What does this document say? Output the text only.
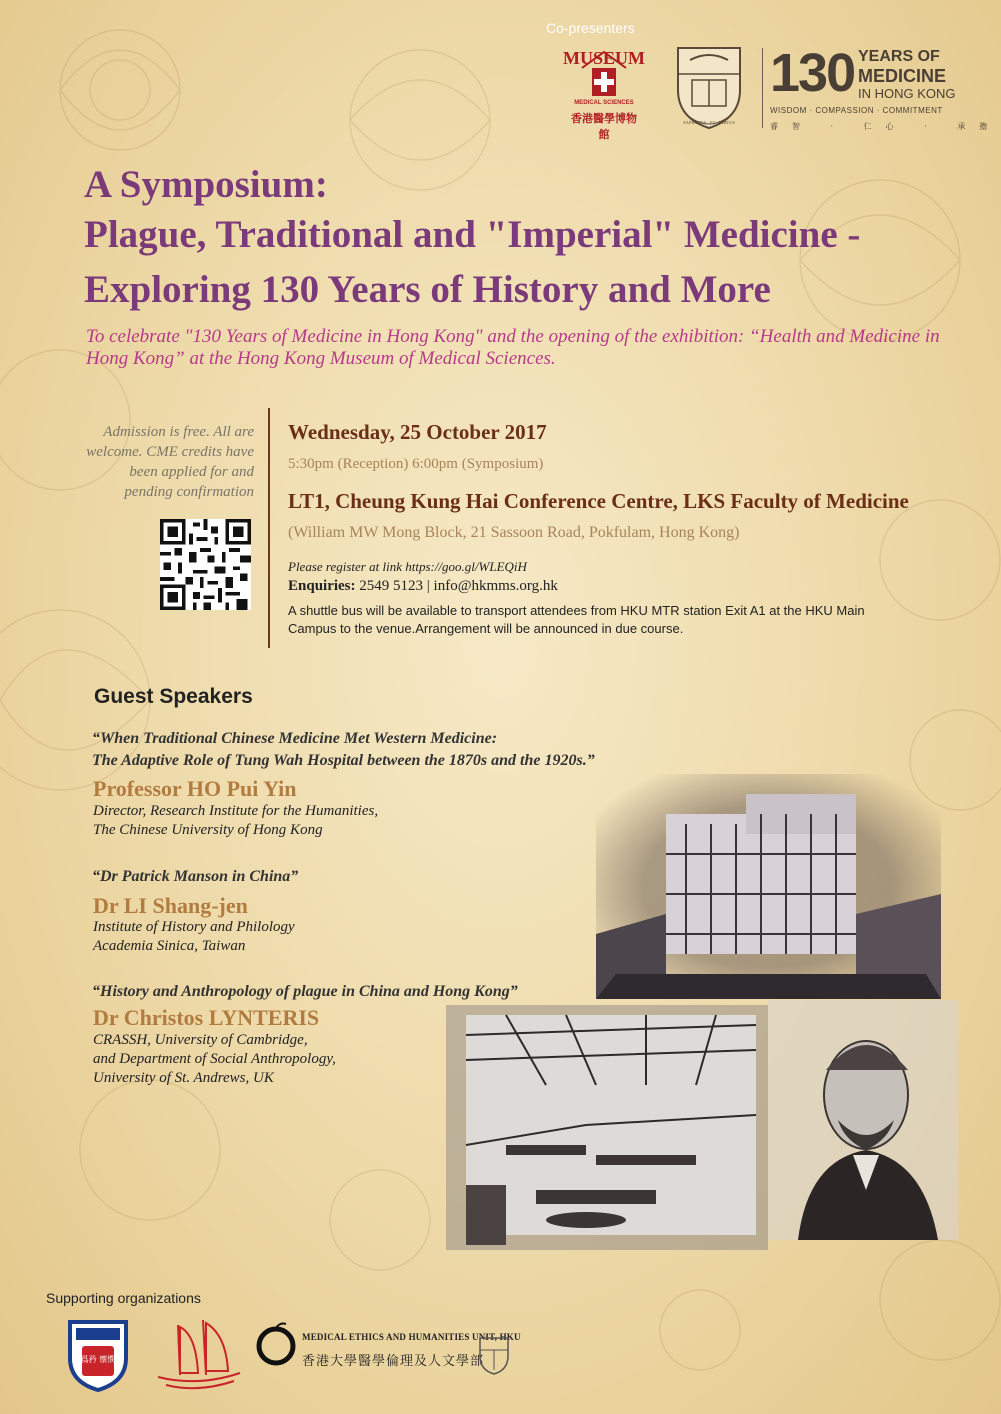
Co-presenters
MUSEUM
MEDICAL SCIENCES
香港醫學博物館
SAPIENTIA · ET · VIRTUS
130 YEARS OF
MEDICINE
IN HONG KONG
WISDOM · COMPASSION · COMMITMENT
睿智 · 仁心 · 承擔
A Symposium:
Plague, Traditional and "Imperial" Medicine -
Exploring 130 Years of History and More
To celebrate "130 Years of Medicine in Hong Kong" and the opening of the exhibition: “Health and Medicine in Hong Kong” at the Hong Kong Museum of Medical Sciences.
Admission is free. All are welcome. CME credits have been applied for and pending confirmation
Wednesday, 25 October 2017
5:30pm (Reception) 6:00pm (Symposium)
LT1, Cheung Kung Hai Conference Centre, LKS Faculty of Medicine
(William MW Mong Block, 21 Sassoon Road, Pokfulam, Hong Kong)
Please register at link https://goo.gl/WLEQiH
Enquiries: 2549 5123 | info@hkmms.org.hk
A shuttle bus will be available to transport attendees from HKU MTR station Exit A1 at the HKU Main Campus to the venue.Arrangement will be announced in due course.
Guest Speakers
“When Traditional Chinese Medicine Met Western Medicine:
The Adaptive Role of Tung Wah Hospital between the 1870s and the 1920s.”
Professor HO Pui Yin
Director, Research Institute for the Humanities,
The Chinese University of Hong Kong
“Dr Patrick Manson in China”
Dr LI Shang-jen
Institute of History and Philology
Academia Sinica, Taiwan
“History and Anthropology of plague in China and Hong Kong”
Dr Christos LYNTERIS
CRASSH, University of Cambridge,
and Department of Social Anthropology,
University of St. Andrews, UK
Supporting organizations
爲矜 懷憫
MEDICAL ETHICS AND HUMANITIES UNIT, HKU
香港大學醫學倫理及人文學部
